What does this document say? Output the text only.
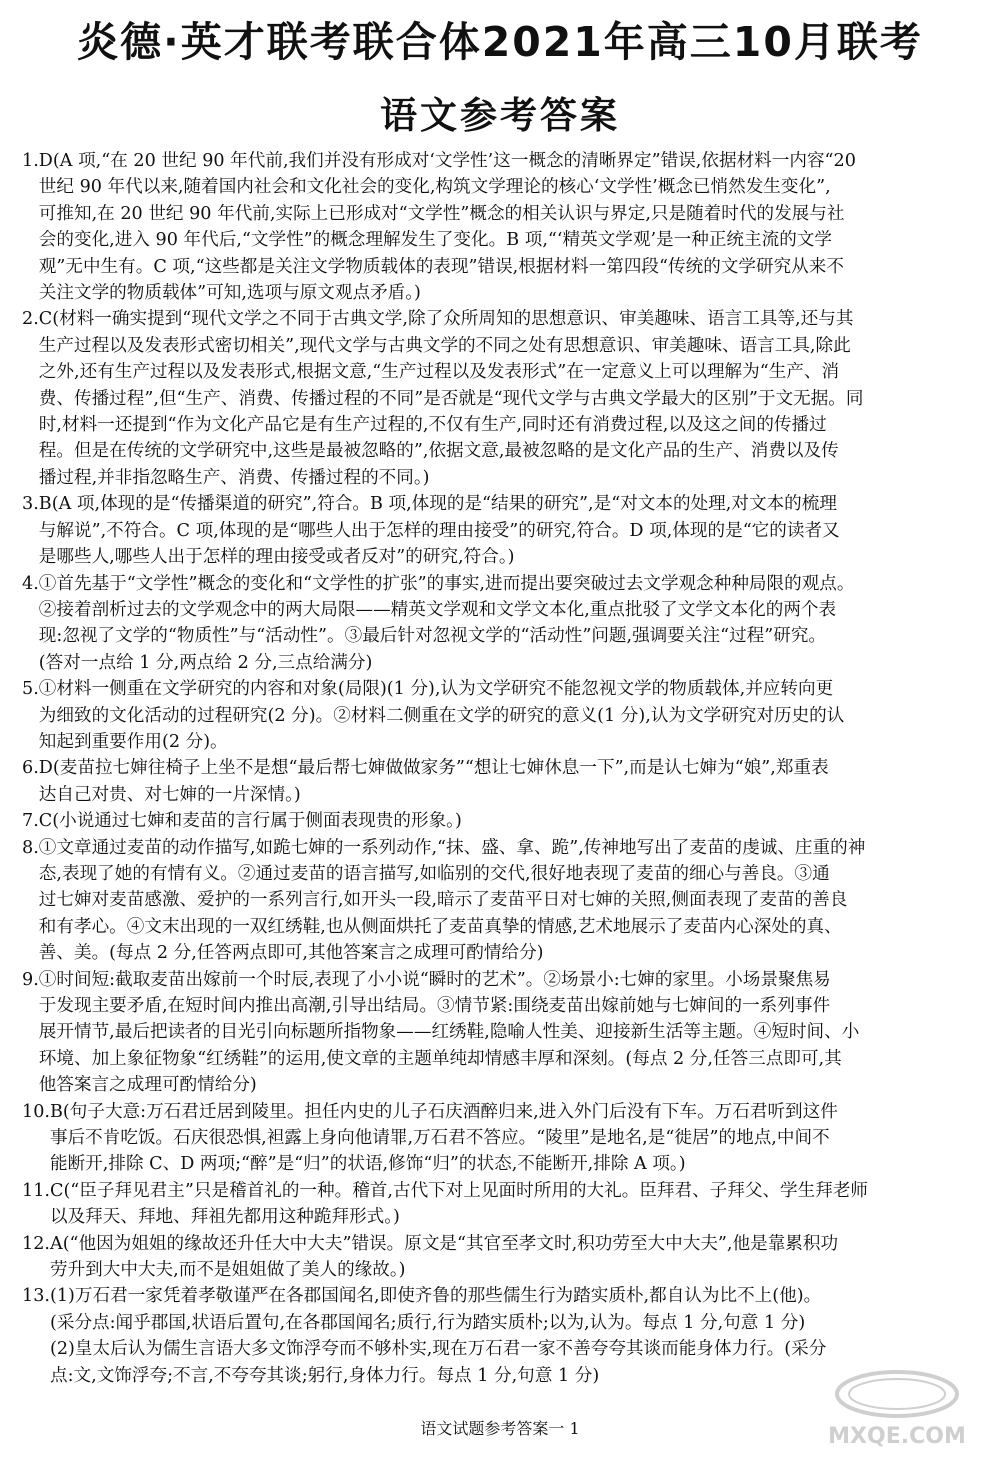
炎德·英才联考联合体2021年高三10月联考
语文参考答案
1. D(A 项,“在 20 世纪 90 年代前,我们并没有形成对‘文学性’这一概念的清晰界定”错误,依据材料一内容“20
世纪 90 年代以来,随着国内社会和文化社会的变化,构筑文学理论的核心‘文学性’概念已悄然发生变化”,
可推知,在 20 世纪 90 年代前,实际上已形成对“文学性”概念的相关认识与界定,只是随着时代的发展与社
会的变化,进入 90 年代后,“文学性”的概念理解发生了变化。B 项,“‘精英文学观’是一种正统主流的文学
观”无中生有。C 项,“这些都是关注文学物质载体的表现”错误,根据材料一第四段“传统的文学研究从来不
关注文学的物质载体”可知,选项与原文观点矛盾。)
2. C(材料一确实提到“现代文学之不同于古典文学,除了众所周知的思想意识、审美趣味、语言工具等,还与其
生产过程以及发表形式密切相关”,现代文学与古典文学的不同之处有思想意识、审美趣味、语言工具,除此
之外,还有生产过程以及发表形式,根据文意,“生产过程以及发表形式”在一定意义上可以理解为“生产、消
费、传播过程”,但“生产、消费、传播过程的不同”是否就是“现代文学与古典文学最大的区别”于文无据。同
时,材料一还提到“作为文化产品它是有生产过程的,不仅有生产,同时还有消费过程,以及这之间的传播过
程。但是在传统的文学研究中,这些是最被忽略的”,依据文意,最被忽略的是文化产品的生产、消费以及传
播过程,并非指忽略生产、消费、传播过程的不同。)
3. B(A 项,体现的是“传播渠道的研究”,符合。B 项,体现的是“结果的研究”,是“对文本的处理,对文本的梳理
与解说”,不符合。C 项,体现的是“哪些人出于怎样的理由接受”的研究,符合。D 项,体现的是“它的读者又
是哪些人,哪些人出于怎样的理由接受或者反对”的研究,符合。)
4. ①首先基于“文学性”概念的变化和“文学性的扩张”的事实,进而提出要突破过去文学观念种种局限的观点。
②接着剖析过去的文学观念中的两大局限——精英文学观和文学文本化,重点批驳了文学文本化的两个表
现:忽视了文学的“物质性”与“活动性”。③最后针对忽视文学的“活动性”问题,强调要关注“过程”研究。
(答对一点给 1 分,两点给 2 分,三点给满分)
5. ①材料一侧重在文学研究的内容和对象(局限)(1 分),认为文学研究不能忽视文学的物质载体,并应转向更
为细致的文化活动的过程研究(2 分)。②材料二侧重在文学的研究的意义(1 分),认为文学研究对历史的认
知起到重要作用(2 分)。
6. D(麦苗拉七婶往椅子上坐不是想“最后帮七婶做做家务”“想让七婶休息一下”,而是认七婶为“娘”,郑重表
达自己对贵、对七婶的一片深情。)
7. C(小说通过七婶和麦苗的言行属于侧面表现贵的形象。)
8. ①文章通过麦苗的动作描写,如跪七婶的一系列动作,“抹、盛、拿、跪”,传神地写出了麦苗的虔诚、庄重的神
态,表现了她的有情有义。②通过麦苗的语言描写,如临别的交代,很好地表现了麦苗的细心与善良。③通
过七婶对麦苗感激、爱护的一系列言行,如开头一段,暗示了麦苗平日对七婶的关照,侧面表现了麦苗的善良
和有孝心。④文末出现的一双红绣鞋,也从侧面烘托了麦苗真挚的情感,艺术地展示了麦苗内心深处的真、
善、美。(每点 2 分,任答两点即可,其他答案言之成理可酌情给分)
9. ①时间短:截取麦苗出嫁前一个时辰,表现了小小说“瞬时的艺术”。②场景小:七婶的家里。小场景聚焦易
于发现主要矛盾,在短时间内推出高潮,引导出结局。③情节紧:围绕麦苗出嫁前她与七婶间的一系列事件
展开情节,最后把读者的目光引向标题所指物象——红绣鞋,隐喻人性美、迎接新生活等主题。④短时间、小
环境、加上象征物象“红绣鞋”的运用,使文章的主题单纯却情感丰厚和深刻。(每点 2 分,任答三点即可,其
他答案言之成理可酌情给分)
10. B(句子大意:万石君迁居到陵里。担任内史的儿子石庆酒醉归来,进入外门后没有下车。万石君听到这件
事后不肯吃饭。石庆很恐惧,袒露上身向他请罪,万石君不答应。“陵里”是地名,是“徙居”的地点,中间不
能断开,排除 C、D 两项;“醉”是“归”的状语,修饰“归”的状态,不能断开,排除 A 项。)
11. C(“臣子拜见君主”只是稽首礼的一种。稽首,古代下对上见面时所用的大礼。臣拜君、子拜父、学生拜老师
以及拜天、拜地、拜祖先都用这种跪拜形式。)
12. A(“他因为姐姐的缘故还升任大中大夫”错误。原文是“其官至孝文时,积功劳至大中大夫”,他是靠累积功
劳升到大中大夫,而不是姐姐做了美人的缘故。)
13. (1)万石君一家凭着孝敬谨严在各郡国闻名,即使齐鲁的那些儒生行为踏实质朴,都自认为比不上(他)。
(采分点:闻乎郡国,状语后置句,在各郡国闻名;质行,行为踏实质朴;以为,认为。每点 1 分,句意 1 分)
(2)皇太后认为儒生言语大多文饰浮夸而不够朴实,现在万石君一家不善夸夸其谈而能身体力行。(采分
点:文,文饰浮夸;不言,不夸夸其谈;躬行,身体力行。每点 1 分,句意 1 分)
语文试题参考答案一 1	MXQE.COM
